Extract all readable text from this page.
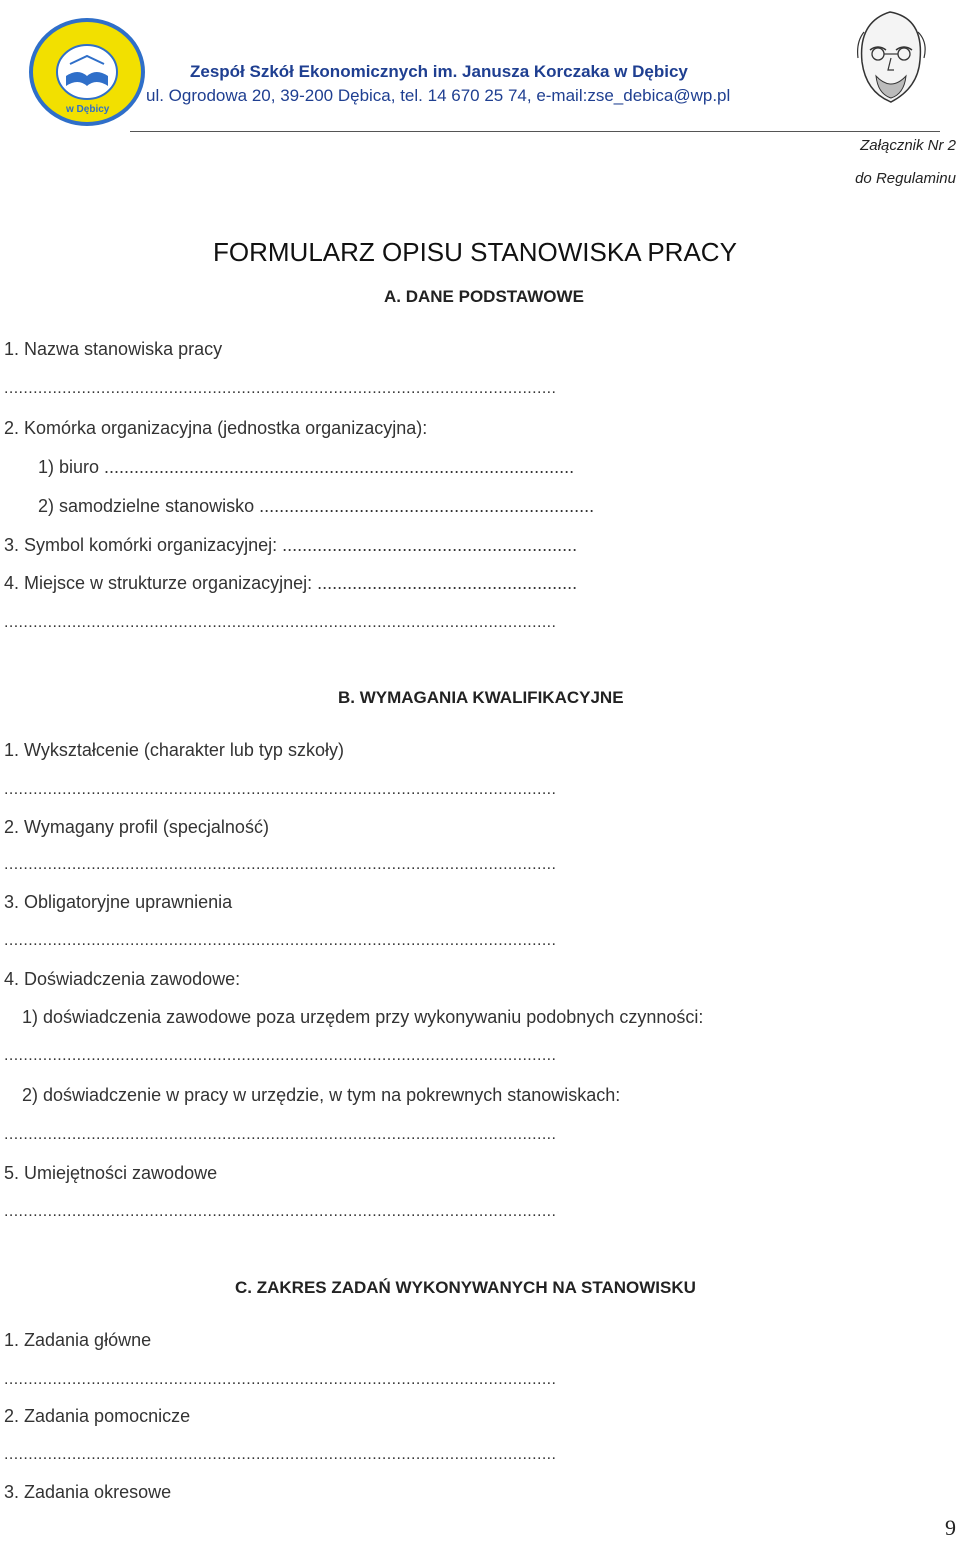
w Dębicy
Zespół Szkół Ekonomicznych im. Janusza Korczaka w Dębicy
ul. Ogrodowa 20, 39-200 Dębica, tel. 14 670 25 74, e-mail:zse_debica@wp.pl
Załącznik Nr 2
do Regulaminu
FORMULARZ OPISU STANOWISKA PRACY
A. DANE PODSTAWOWE
1. Nazwa stanowiska pracy
..................................................................................................................
2. Komórka organizacyjna (jednostka organizacyjna):
1) biuro ..............................................................................................
2) samodzielne stanowisko ...................................................................
3. Symbol komórki organizacyjnej: ...........................................................
4. Miejsce w strukturze organizacyjnej: ....................................................
..................................................................................................................
B. WYMAGANIA KWALIFIKACYJNE
1. Wykształcenie (charakter lub typ szkoły)
..................................................................................................................
2. Wymagany profil (specjalność)
..................................................................................................................
3. Obligatoryjne uprawnienia
..................................................................................................................
4. Doświadczenia zawodowe:
1) doświadczenia zawodowe poza urzędem przy wykonywaniu podobnych czynności:
..................................................................................................................
2) doświadczenie w pracy w urzędzie, w tym na pokrewnych stanowiskach:
..................................................................................................................
5. Umiejętności zawodowe
..................................................................................................................
C. ZAKRES ZADAŃ WYKONYWANYCH NA STANOWISKU
1. Zadania główne
..................................................................................................................
2. Zadania pomocnicze
..................................................................................................................
3. Zadania okresowe
9
